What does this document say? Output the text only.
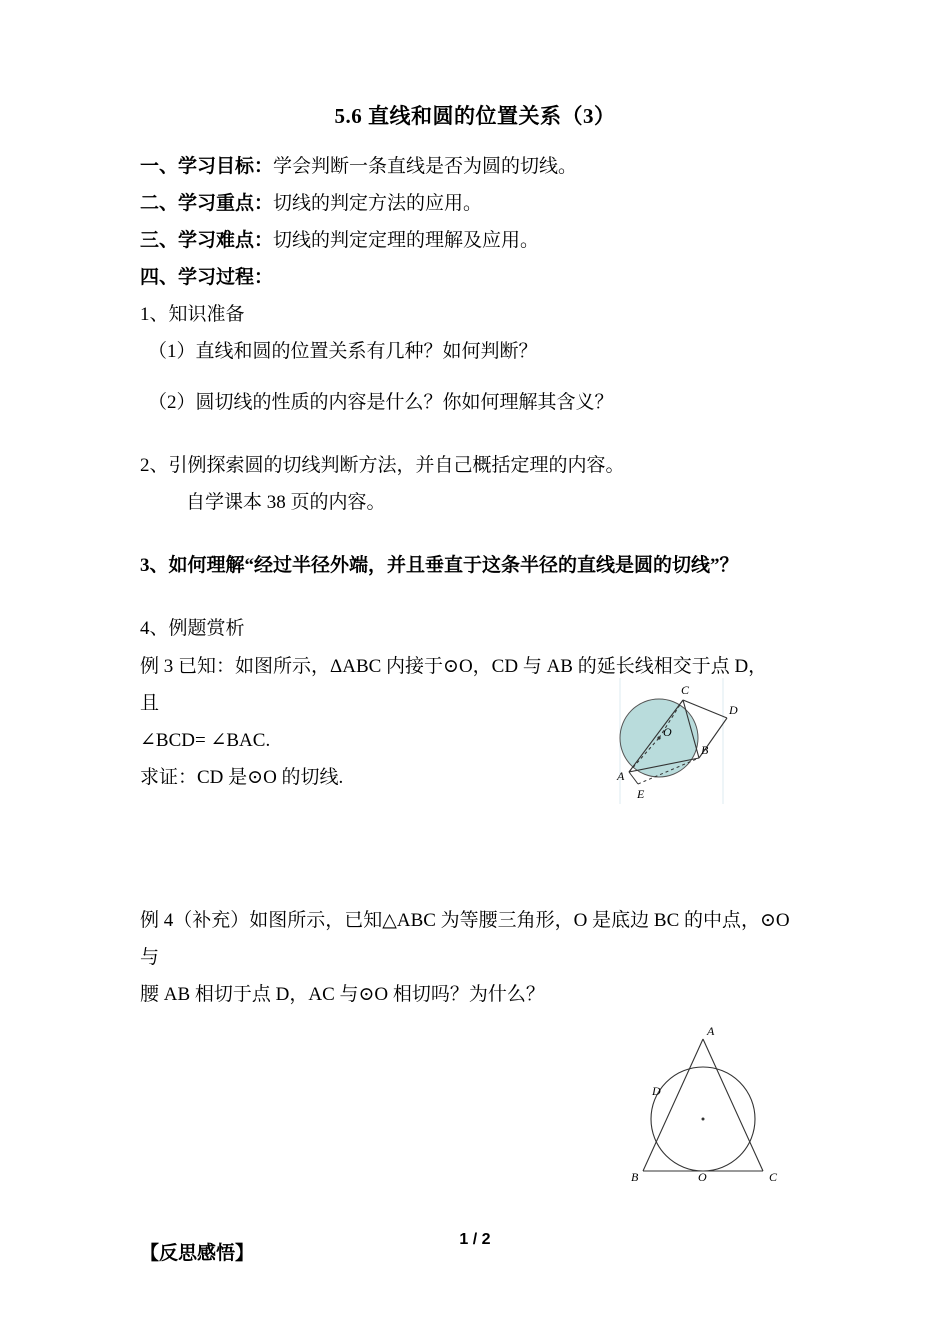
5.6 直线和圆的位置关系（3）

一、学习目标：学会判断一条直线是否为圆的切线。

二、学习重点：切线的判定方法的应用。

三、学习难点：切线的判定定理的理解及应用。

四、学习过程：

1、知识准备

（1）直线和圆的位置关系有几种？如何判断？

（2）圆切线的性质的内容是什么？你如何理解其含义？

2、引例探索圆的切线判断方法，并自己概括定理的内容。

自学课本 38 页的内容。

3、如何理解“经过半径外端，并且垂直于这条半径的直线是圆的切线”？

4、例题赏析

例 3 已知：如图所示，ΔABC 内接于⊙O，CD 与 AB 的延长线相交于点 D，且

∠BCD= ∠BAC.

求证：CD 是⊙O 的切线.

C
D
O
B
A
E

例 4（补充）如图所示，已知△ABC 为等腰三角形，O 是底边 BC 的中点，⊙O 与

腰 AB 相切于点 D，AC 与⊙O 相切吗？为什么？

A
D
B	O	C

【反思感悟】

1 / 2
